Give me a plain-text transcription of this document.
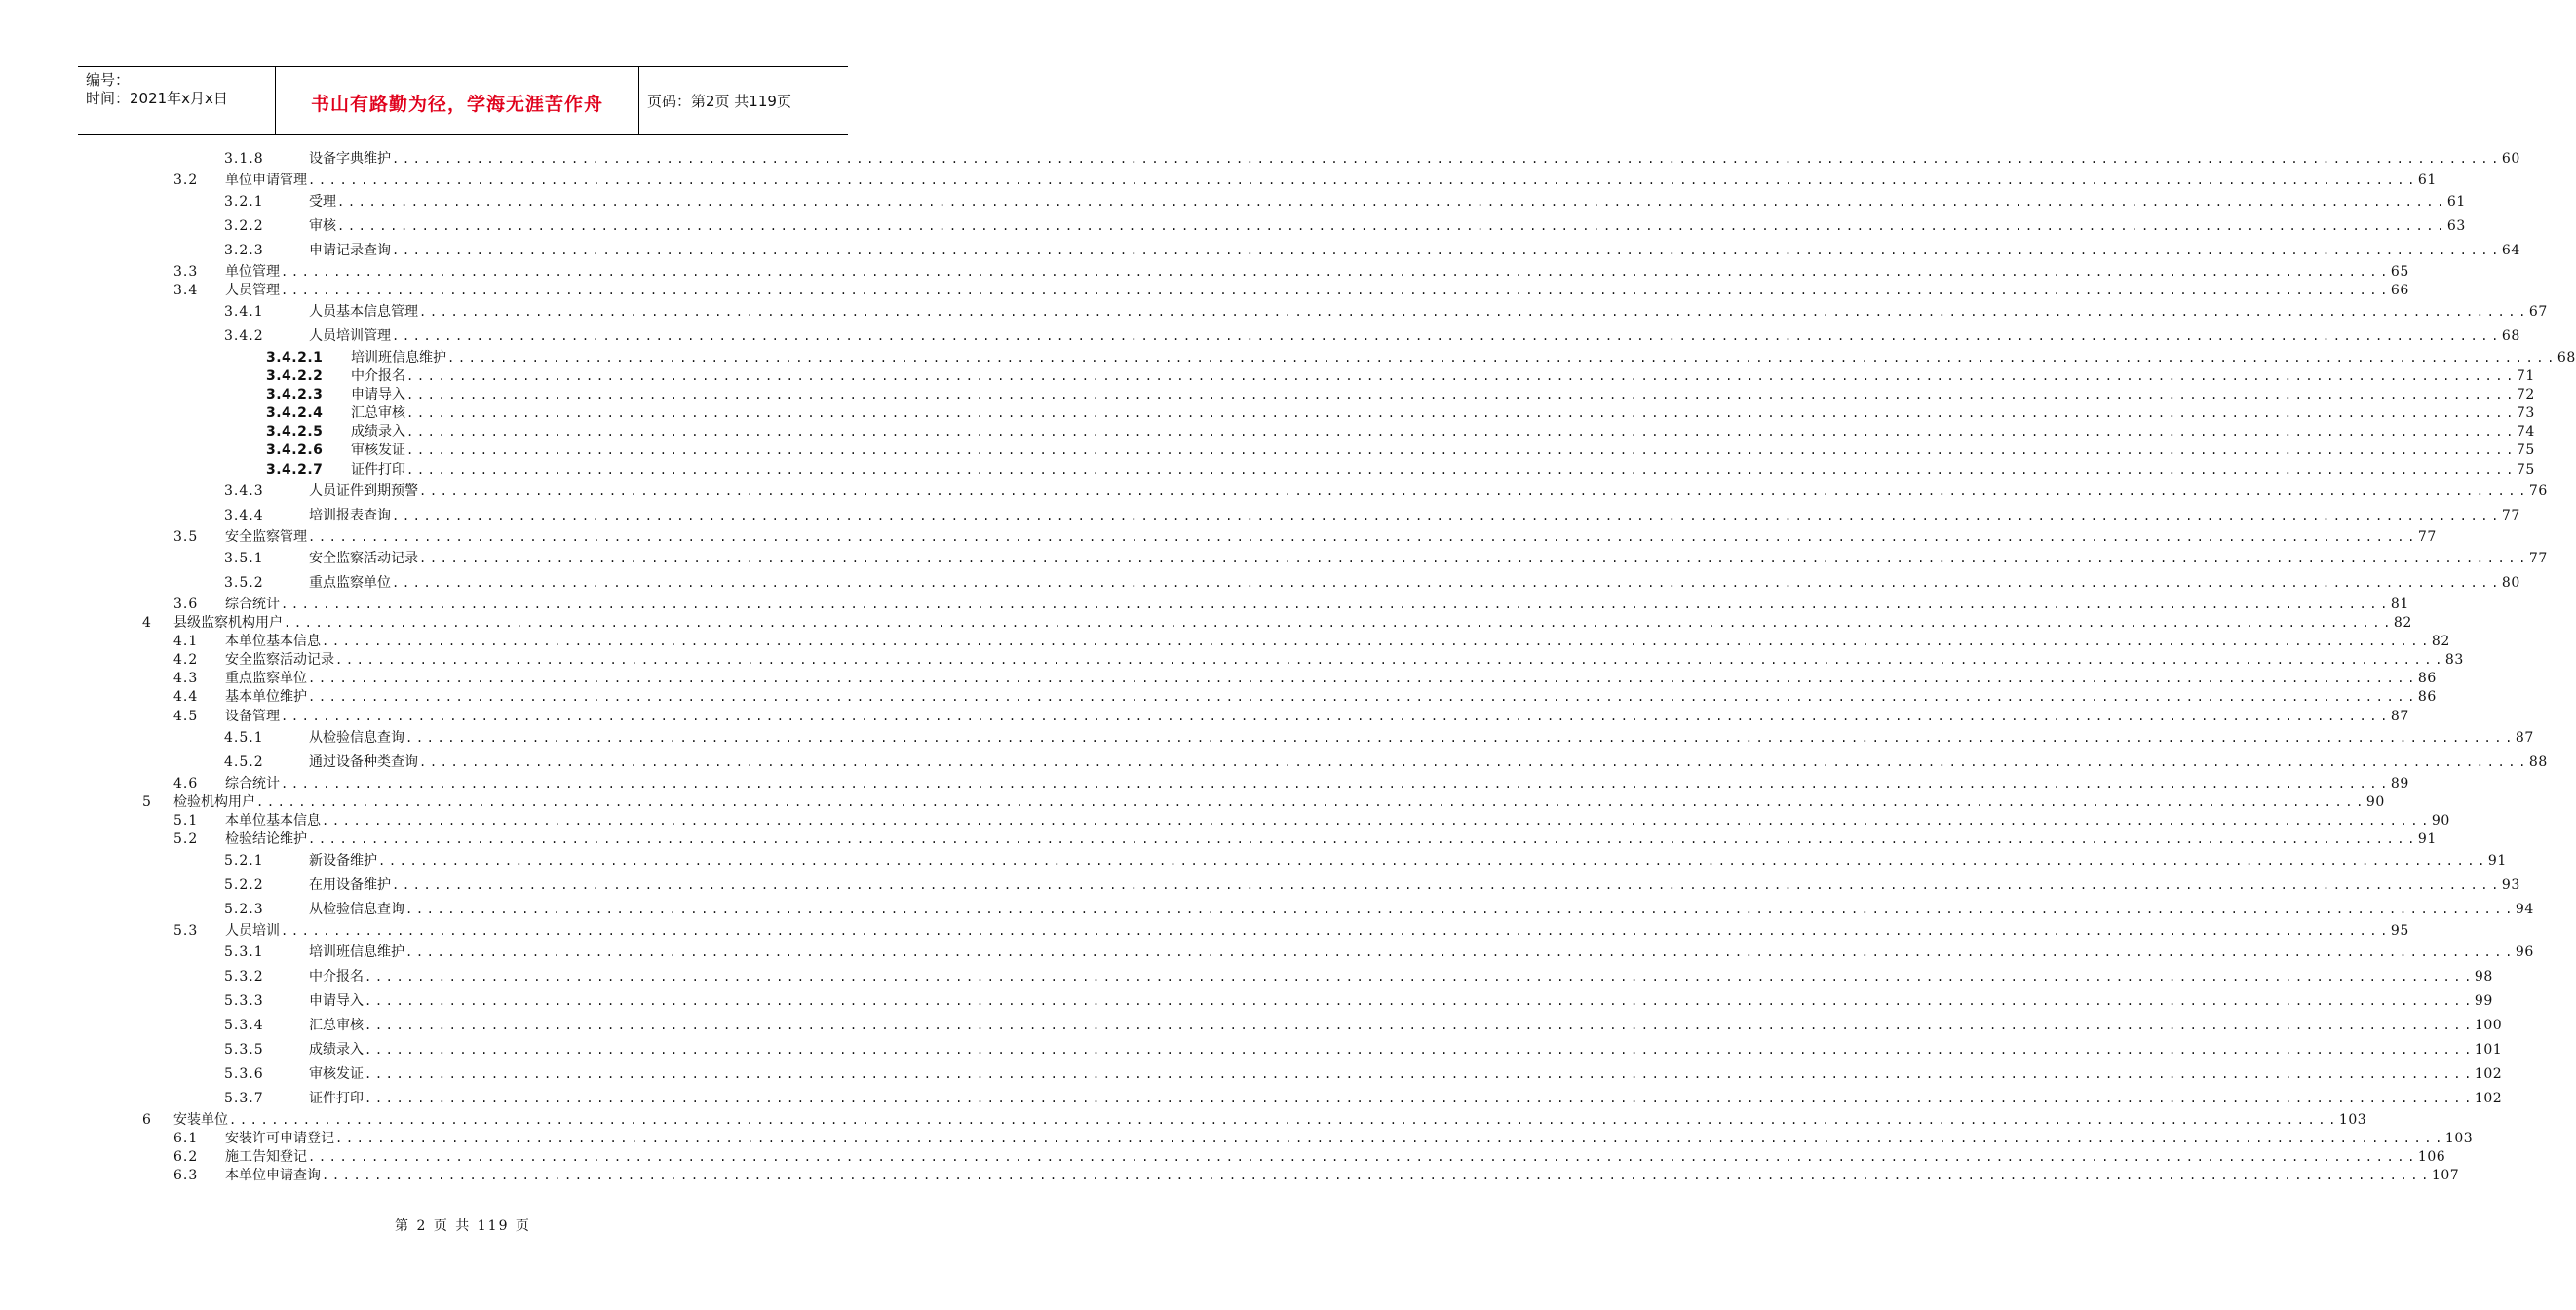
编号：
时间：2021年x月x日	书山有路勤为径，学海无涯苦作舟	页码：第2页 共119页
3.1.8	设备字典维护 ........................................................................................................................................................................................................ 60
3.2 单位申请管理 ........................................................................................................................................................................................................ 61
3.2.1	受理 ........................................................................................................................................................................................................ 61
3.2.2	审核 ........................................................................................................................................................................................................ 63
3.2.3	申请记录查询 ........................................................................................................................................................................................................ 64
3.3 单位管理 ........................................................................................................................................................................................................ 65
3.4 人员管理 ........................................................................................................................................................................................................ 66
3.4.1	人员基本信息管理 ........................................................................................................................................................................................................ 67
3.4.2	人员培训管理 ........................................................................................................................................................................................................ 68
3.4.2.1 培训班信息维护 ........................................................................................................................................................................................................ 68
3.4.2.2 中介报名 ........................................................................................................................................................................................................ 71
3.4.2.3 申请导入 ........................................................................................................................................................................................................ 72
3.4.2.4 汇总审核 ........................................................................................................................................................................................................ 73
3.4.2.5 成绩录入 ........................................................................................................................................................................................................ 74
3.4.2.6 审核发证 ........................................................................................................................................................................................................ 75
3.4.2.7 证件打印 ........................................................................................................................................................................................................ 75
3.4.3	人员证件到期预警 ........................................................................................................................................................................................................ 76
3.4.4	培训报表查询 ........................................................................................................................................................................................................ 77
3.5 安全监察管理 ........................................................................................................................................................................................................ 77
3.5.1	安全监察活动记录 ........................................................................................................................................................................................................ 77
3.5.2	重点监察单位 ........................................................................................................................................................................................................ 80
3.6 综合统计 ........................................................................................................................................................................................................ 81
4 县级监察机构用户 ........................................................................................................................................................................................................ 82
4.1 本单位基本信息 ........................................................................................................................................................................................................ 82
4.2 安全监察活动记录 ........................................................................................................................................................................................................ 83
4.3 重点监察单位 ........................................................................................................................................................................................................ 86
4.4 基本单位维护 ........................................................................................................................................................................................................ 86
4.5 设备管理 ........................................................................................................................................................................................................ 87
4.5.1	从检验信息查询 ........................................................................................................................................................................................................ 87
4.5.2	通过设备种类查询 ........................................................................................................................................................................................................ 88
4.6 综合统计 ........................................................................................................................................................................................................ 89
5 检验机构用户 ........................................................................................................................................................................................................ 90
5.1 本单位基本信息 ........................................................................................................................................................................................................ 90
5.2 检验结论维护 ........................................................................................................................................................................................................ 91
5.2.1	新设备维护 ........................................................................................................................................................................................................ 91
5.2.2	在用设备维护 ........................................................................................................................................................................................................ 93
5.2.3	从检验信息查询 ........................................................................................................................................................................................................ 94
5.3 人员培训 ........................................................................................................................................................................................................ 95
5.3.1	培训班信息维护 ........................................................................................................................................................................................................ 96
5.3.2	中介报名 ........................................................................................................................................................................................................ 98
5.3.3	申请导入 ........................................................................................................................................................................................................ 99
5.3.4	汇总审核 ........................................................................................................................................................................................................ 100
5.3.5	成绩录入 ........................................................................................................................................................................................................ 101
5.3.6	审核发证 ........................................................................................................................................................................................................ 102
5.3.7	证件打印 ........................................................................................................................................................................................................ 102
6 安装单位 ........................................................................................................................................................................................................ 103
6.1 安装许可申请登记 ........................................................................................................................................................................................................ 103
6.2 施工告知登记 ........................................................................................................................................................................................................ 106
6.3 本单位申请查询 ........................................................................................................................................................................................................ 107
第 2 页 共 119 页
